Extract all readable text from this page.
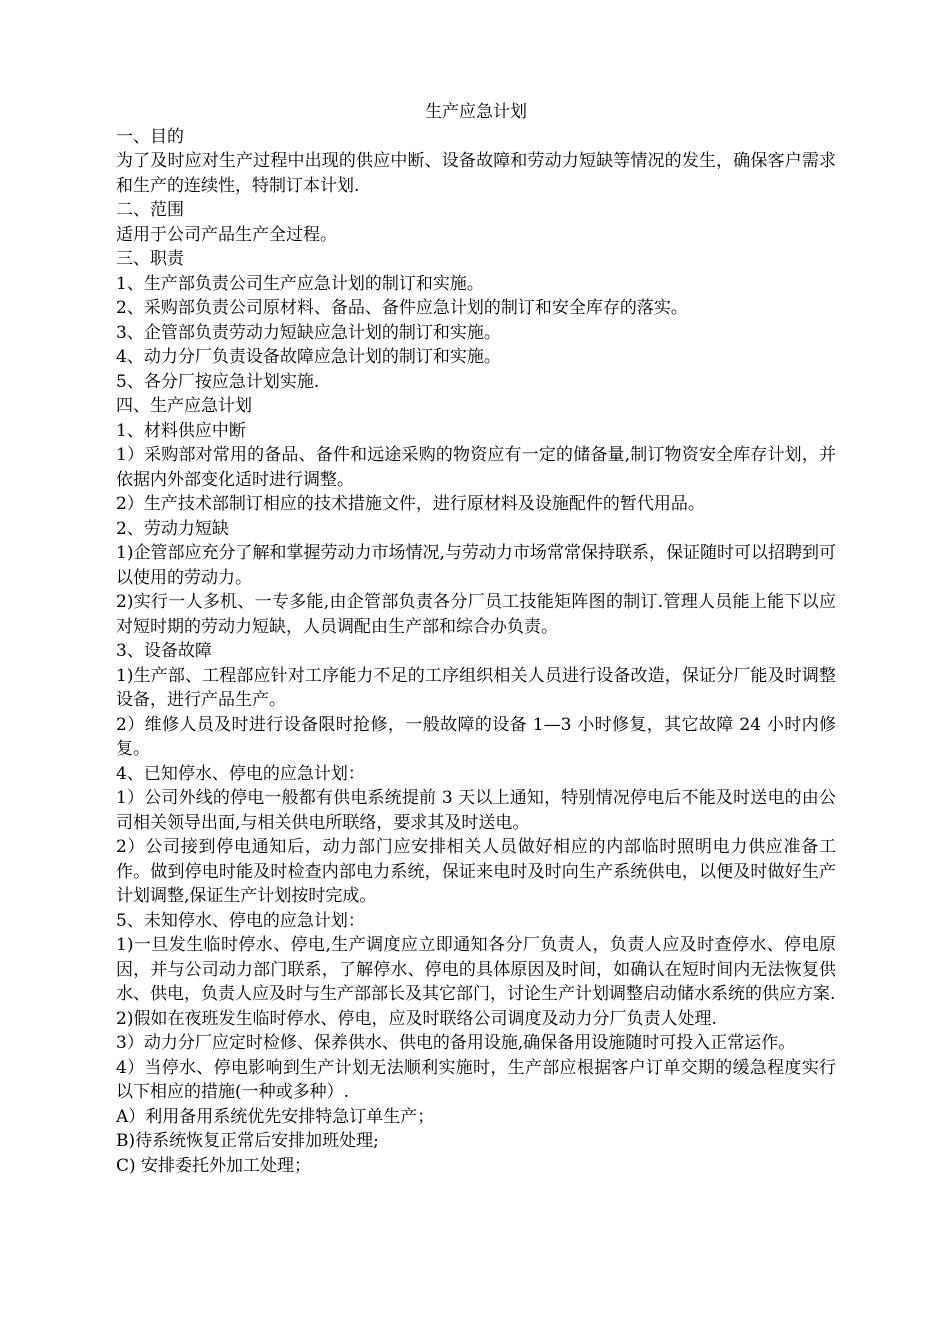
生产应急计划

一、目的

为了及时应对生产过程中出现的供应中断、设备故障和劳动力短缺等情况的发生，确保客户需求和生产的连续性，特制订本计划.

二、范围

适用于公司产品生产全过程。

三、职责

1、生产部负责公司生产应急计划的制订和实施。

2、采购部负责公司原材料、备品、备件应急计划的制订和安全库存的落实。

3、企管部负责劳动力短缺应急计划的制订和实施。

4、动力分厂负责设备故障应急计划的制订和实施。

5、各分厂按应急计划实施.

四、生产应急计划

1、材料供应中断

1）采购部对常用的备品、备件和远途采购的物资应有一定的储备量,制订物资安全库存计划，并依据内外部变化适时进行调整。

2）生产技术部制订相应的技术措施文件，进行原材料及设施配件的暂代用品。

2、劳动力短缺

1)企管部应充分了解和掌握劳动力市场情况,与劳动力市场常常保持联系，保证随时可以招聘到可以使用的劳动力。

2)实行一人多机、一专多能,由企管部负责各分厂员工技能矩阵图的制订.管理人员能上能下以应对短时期的劳动力短缺，人员调配由生产部和综合办负责。

3、设备故障

1)生产部、工程部应针对工序能力不足的工序组织相关人员进行设备改造，保证分厂能及时调整设备，进行产品生产。

2）维修人员及时进行设备限时抢修，一般故障的设备 1—3 小时修复，其它故障 24 小时内修复。

4、已知停水、停电的应急计划：

1）公司外线的停电一般都有供电系统提前 3 天以上通知，特别情况停电后不能及时送电的由公司相关领导出面,与相关供电所联络，要求其及时送电。

2）公司接到停电通知后，动力部门应安排相关人员做好相应的内部临时照明电力供应准备工作。做到停电时能及时检查内部电力系统，保证来电时及时向生产系统供电，以便及时做好生产计划调整,保证生产计划按时完成。

5、未知停水、停电的应急计划：

1)一旦发生临时停水、停电,生产调度应立即通知各分厂负责人，负责人应及时查停水、停电原因，并与公司动力部门联系，了解停水、停电的具体原因及时间，如确认在短时间内无法恢复供水、供电，负责人应及时与生产部部长及其它部门，讨论生产计划调整启动储水系统的供应方案.

2)假如在夜班发生临时停水、停电，应及时联络公司调度及动力分厂负责人处理.

3）动力分厂应定时检修、保养供水、供电的备用设施,确保备用设施随时可投入正常运作。

4）当停水、停电影响到生产计划无法顺利实施时，生产部应根据客户订单交期的缓急程度实行以下相应的措施(一种或多种）.

A）利用备用系统优先安排特急订单生产；

B)待系统恢复正常后安排加班处理;

C) 安排委托外加工处理；
